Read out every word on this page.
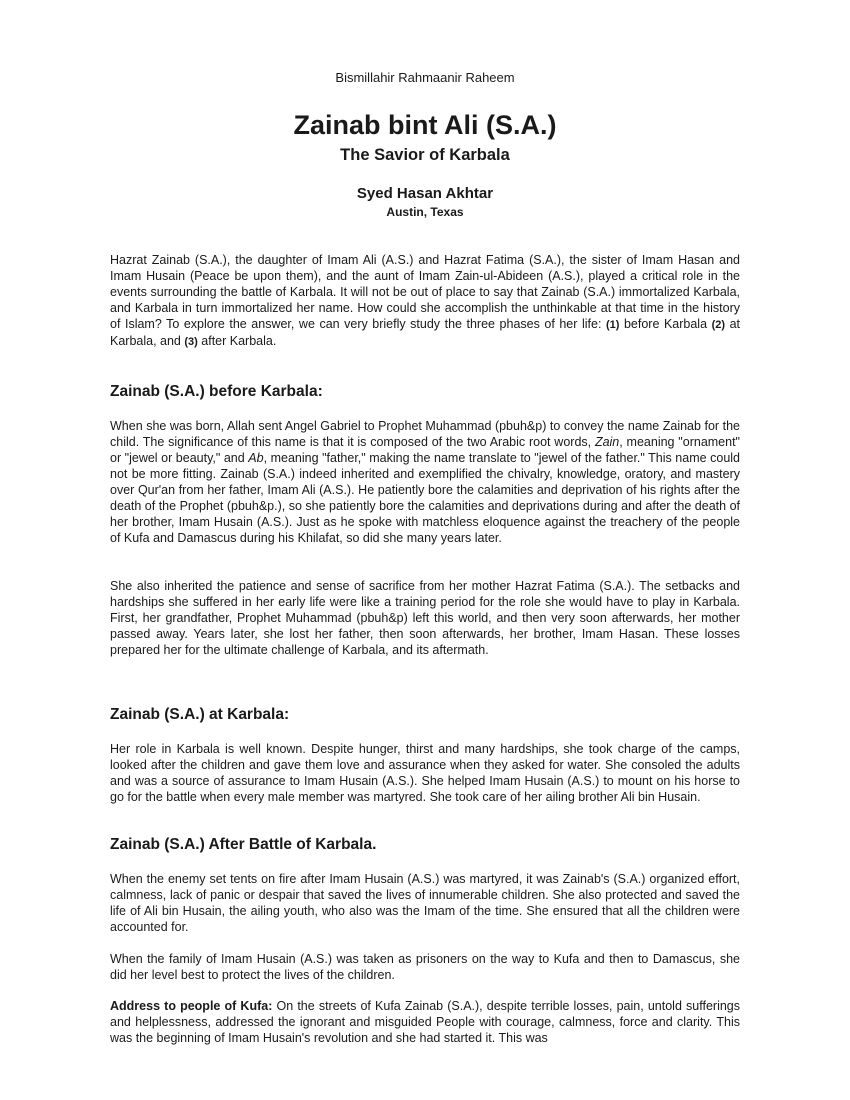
Bismillahir Rahmaanir Raheem
Zainab bint Ali (S.A.)
The Savior of Karbala
Syed Hasan Akhtar
Austin, Texas

Hazrat Zainab (S.A.), the daughter of Imam Ali (A.S.) and Hazrat Fatima (S.A.), the sister of Imam Hasan and Imam Husain (Peace be upon them), and the aunt of Imam Zain-ul-Abideen (A.S.), played a critical role in the events surrounding the battle of Karbala. It will not be out of place to say that Zainab (S.A.) immortalized Karbala, and Karbala in turn immortalized her name. How could she accomplish the unthinkable at that time in the history of Islam? To explore the answer, we can very briefly study the three phases of her life: (1) before Karbala (2) at Karbala, and (3) after Karbala.

Zainab (S.A.) before Karbala:

When she was born, Allah sent Angel Gabriel to Prophet Muhammad (pbuh&p) to convey the name Zainab for the child. The significance of this name is that it is composed of the two Arabic root words, Zain, meaning "ornament" or "jewel or beauty," and Ab, meaning "father," making the name translate to "jewel of the father." This name could not be more fitting. Zainab (S.A.) indeed inherited and exemplified the chivalry, knowledge, oratory, and mastery over Qur'an from her father, Imam Ali (A.S.). He patiently bore the calamities and deprivation of his rights after the death of the Prophet (pbuh&p.), so she patiently bore the calamities and deprivations during and after the death of her brother, Imam Husain (A.S.). Just as he spoke with matchless eloquence against the treachery of the people of Kufa and Damascus during his Khilafat, so did she many years later.

She also inherited the patience and sense of sacrifice from her mother Hazrat Fatima (S.A.). The setbacks and hardships she suffered in her early life were like a training period for the role she would have to play in Karbala. First, her grandfather, Prophet Muhammad (pbuh&p) left this world, and then very soon afterwards, her mother passed away. Years later, she lost her father, then soon afterwards, her brother, Imam Hasan. These losses prepared her for the ultimate challenge of Karbala, and its aftermath.

Zainab (S.A.) at Karbala:

Her role in Karbala is well known. Despite hunger, thirst and many hardships, she took charge of the camps, looked after the children and gave them love and assurance when they asked for water. She consoled the adults and was a source of assurance to Imam Husain (A.S.). She helped Imam Husain (A.S.) to mount on his horse to go for the battle when every male member was martyred. She took care of her ailing brother Ali bin Husain.

Zainab (S.A.) After Battle of Karbala.

When the enemy set tents on fire after Imam Husain (A.S.) was martyred, it was Zainab's (S.A.) organized effort, calmness, lack of panic or despair that saved the lives of innumerable children. She also protected and saved the life of Ali bin Husain, the ailing youth, who also was the Imam of the time. She ensured that all the children were accounted for.

When the family of Imam Husain (A.S.) was taken as prisoners on the way to Kufa and then to Damascus, she did her level best to protect the lives of the children.

Address to people of Kufa: On the streets of Kufa Zainab (S.A.), despite terrible losses, pain, untold sufferings and helplessness, addressed the ignorant and misguided People with courage, calmness, force and clarity. This was the beginning of Imam Husain's revolution and she had started it. This was
